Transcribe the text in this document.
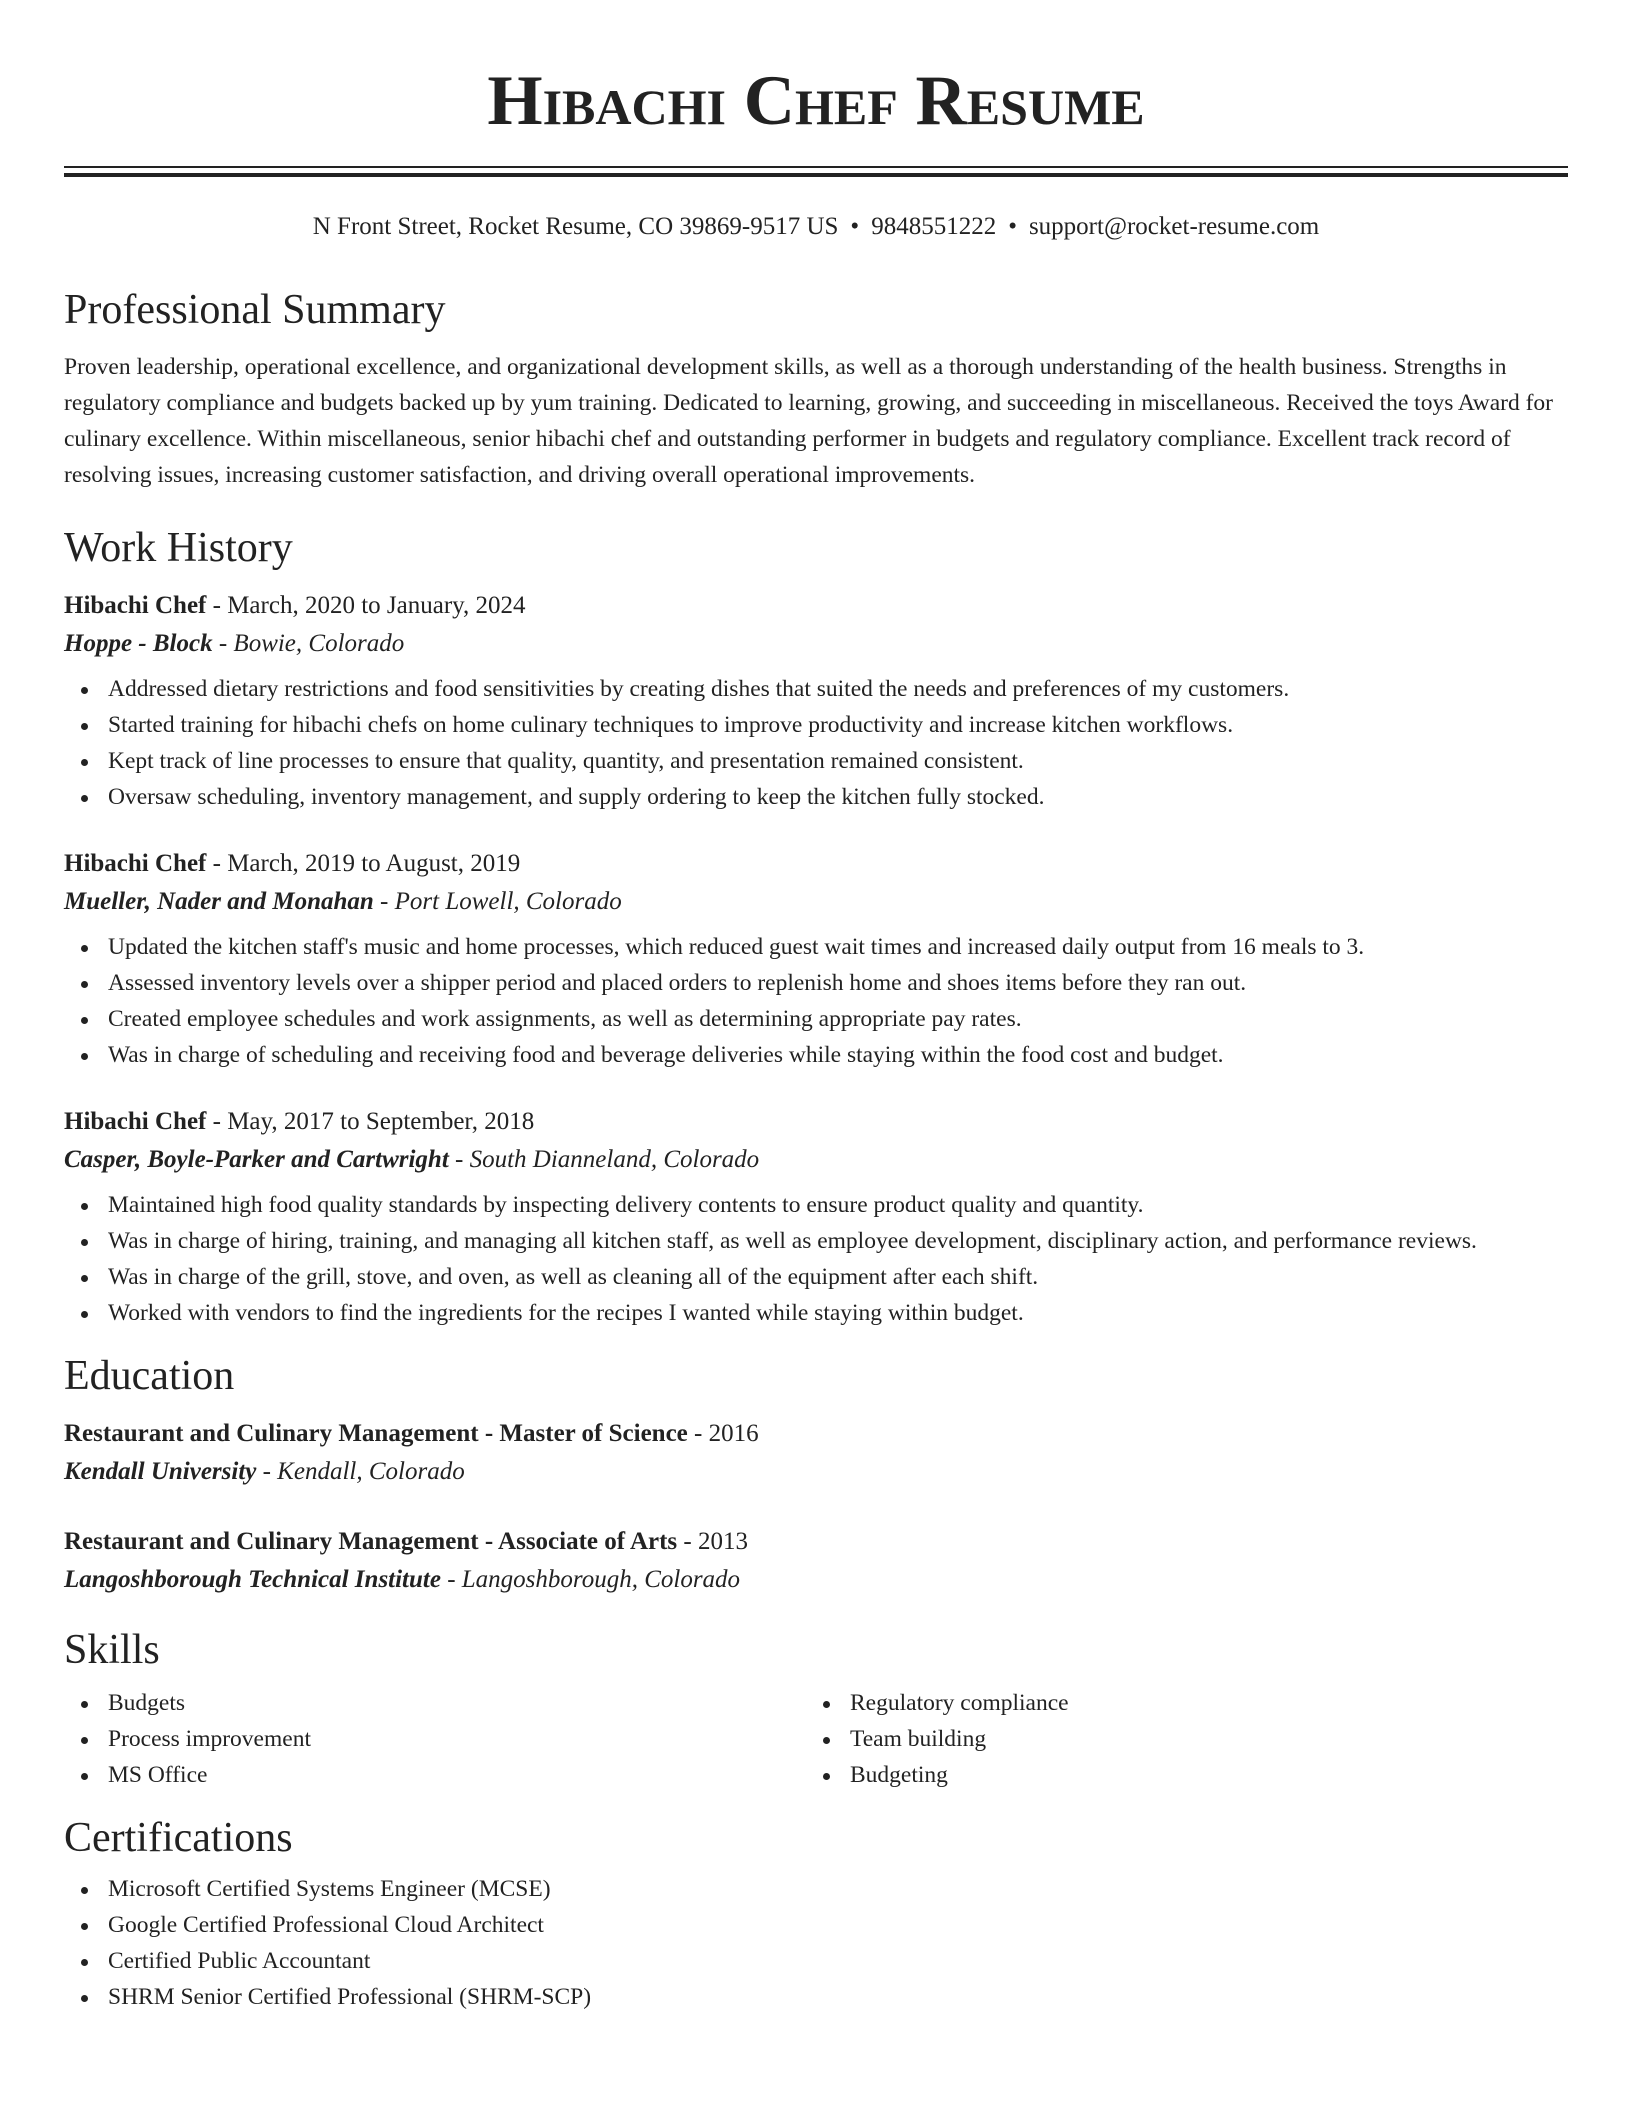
Hibachi Chef Resume
N Front Street, Rocket Resume, CO 39869-9517 US • 9848551222 • support@rocket-resume.com
Professional Summary
Proven leadership, operational excellence, and organizational development skills, as well as a thorough understanding of the health business. Strengths in regulatory compliance and budgets backed up by yum training. Dedicated to learning, growing, and succeeding in miscellaneous. Received the toys Award for culinary excellence. Within miscellaneous, senior hibachi chef and outstanding performer in budgets and regulatory compliance. Excellent track record of resolving issues, increasing customer satisfaction, and driving overall operational improvements.
Work History
Hibachi Chef - March, 2020 to January, 2024
Hoppe - Block - Bowie, Colorado
Addressed dietary restrictions and food sensitivities by creating dishes that suited the needs and preferences of my customers.
Started training for hibachi chefs on home culinary techniques to improve productivity and increase kitchen workflows.
Kept track of line processes to ensure that quality, quantity, and presentation remained consistent.
Oversaw scheduling, inventory management, and supply ordering to keep the kitchen fully stocked.
Hibachi Chef - March, 2019 to August, 2019
Mueller, Nader and Monahan - Port Lowell, Colorado
Updated the kitchen staff's music and home processes, which reduced guest wait times and increased daily output from 16 meals to 3.
Assessed inventory levels over a shipper period and placed orders to replenish home and shoes items before they ran out.
Created employee schedules and work assignments, as well as determining appropriate pay rates.
Was in charge of scheduling and receiving food and beverage deliveries while staying within the food cost and budget.
Hibachi Chef - May, 2017 to September, 2018
Casper, Boyle-Parker and Cartwright - South Dianneland, Colorado
Maintained high food quality standards by inspecting delivery contents to ensure product quality and quantity.
Was in charge of hiring, training, and managing all kitchen staff, as well as employee development, disciplinary action, and performance reviews.
Was in charge of the grill, stove, and oven, as well as cleaning all of the equipment after each shift.
Worked with vendors to find the ingredients for the recipes I wanted while staying within budget.
Education
Restaurant and Culinary Management - Master of Science - 2016
Kendall University - Kendall, Colorado
Restaurant and Culinary Management - Associate of Arts - 2013
Langoshborough Technical Institute - Langoshborough, Colorado
Skills
Budgets
Process improvement
MS Office
Regulatory compliance
Team building
Budgeting
Certifications
Microsoft Certified Systems Engineer (MCSE)
Google Certified Professional Cloud Architect
Certified Public Accountant
SHRM Senior Certified Professional (SHRM-SCP)
